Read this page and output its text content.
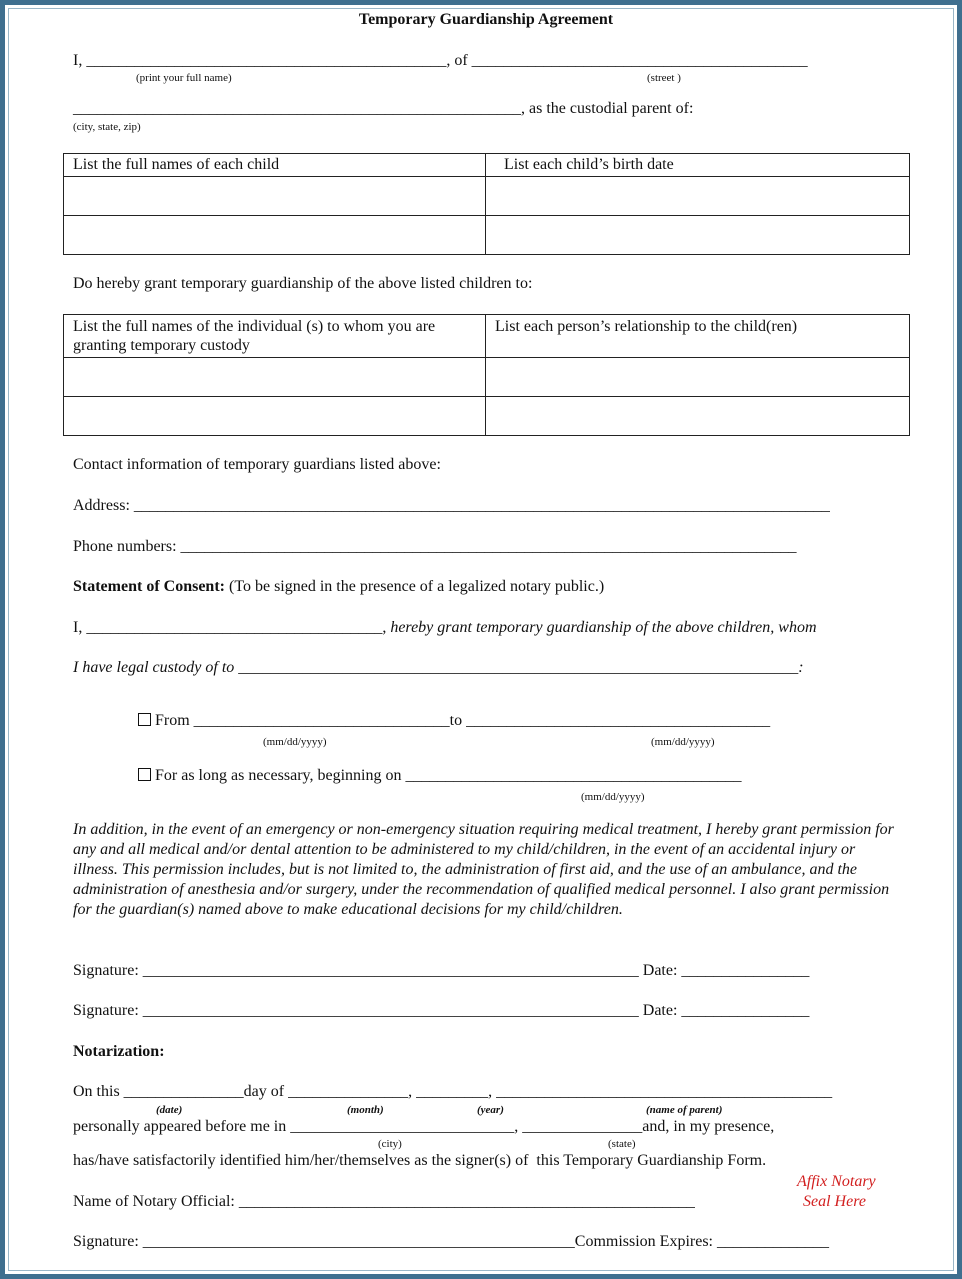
Temporary Guardianship Agreement
I, _____________________________________________, of __________________________________________
(print your full name)	(street )
________________________________________________________, as the custodial parent of:
(city, state, zip)
List the full names of each child	List each child’s birth date

Do hereby grant temporary guardianship of the above listed children to:
List the full names of the individual (s) to whom you are granting temporary custody	List each person’s relationship to the child(ren)

Contact information of temporary guardians listed above:
Address: _______________________________________________________________________________________
Phone numbers: _____________________________________________________________________________
Statement of Consent: (To be signed in the presence of a legalized notary public.)
I, _____________________________________, hereby grant temporary guardianship of the above children, whom
I have legal custody of to ______________________________________________________________________:
From ________________________________to ______________________________________
(mm/dd/yyyy)	(mm/dd/yyyy)
For as long as necessary, beginning on __________________________________________
(mm/dd/yyyy)
In addition, in the event of an emergency or non-emergency situation requiring medical treatment, I hereby grant permission for any and all medical and/or dental attention to be administered to my child/children, in the event of an accidental injury or illness. This permission includes, but is not limited to, the administration of first aid, and the use of an ambulance, and the administration of anesthesia and/or surgery, under the recommendation of qualified medical personnel. I also grant permission for the guardian(s) named above to make educational decisions for my child/children.
Signature: ______________________________________________________________ Date: ________________
Signature: ______________________________________________________________ Date: ________________
Notarization:
On this _______________day of _______________, _________, __________________________________________
(date)	(month)	(year)	(name of parent)
personally appeared before me in ____________________________, _______________and, in my presence,
(city)	(state)
has/have satisfactorily identified him/her/themselves as the signer(s) of  this Temporary Guardianship Form.
Name of Notary Official: _________________________________________________________
Affix Notary
Seal Here
Signature: ______________________________________________________Commission Expires: ______________
